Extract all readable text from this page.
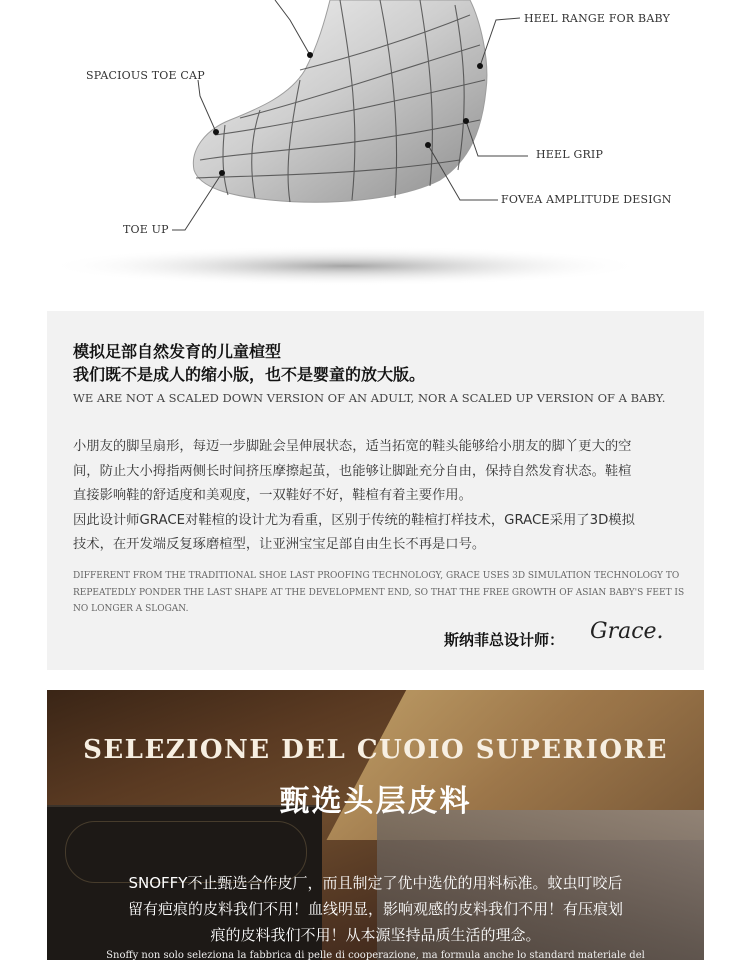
HEEL RANGE FOR BABY
SPACIOUS TOE CAP
HEEL GRIP
FOVEA AMPLITUDE DESIGN
TOE UP
模拟足部自然发育的儿童楦型
我们既不是成人的缩小版，也不是婴童的放大版。
WE ARE NOT A SCALED DOWN VERSION OF AN ADULT, NOR A SCALED UP VERSION OF A BABY.
小朋友的脚呈扇形，每迈一步脚趾会呈伸展状态，适当拓宽的鞋头能够给小朋友的脚丫更大的空
间，防止大小拇指两侧长时间挤压摩擦起茧，也能够让脚趾充分自由，保持自然发育状态。鞋楦
直接影响鞋的舒适度和美观度，一双鞋好不好，鞋楦有着主要作用。
因此设计师GRACE对鞋楦的设计尤为看重，区别于传统的鞋楦打样技术，GRACE采用了3D模拟
技术，在开发端反复琢磨楦型，让亚洲宝宝足部自由生长不再是口号。
DIFFERENT FROM THE TRADITIONAL SHOE LAST PROOFING TECHNOLOGY, GRACE USES 3D SIMULATION TECHNOLOGY TO
REPEATEDLY PONDER THE LAST SHAPE AT THE DEVELOPMENT END, SO THAT THE FREE GROWTH OF ASIAN BABY'S FEET IS
NO LONGER A SLOGAN.
斯纳菲总设计师： Grace.
SELEZIONE DEL CUOIO SUPERIORE
甄选头层皮料
SNOFFY不止甄选合作皮厂，而且制定了优中选优的用料标准。蚊虫叮咬后
留有疤痕的皮料我们不用！血线明显，影响观感的皮料我们不用！有压痕划
痕的皮料我们不用！从本源坚持品质生活的理念。
Snoffy non solo seleziona la fabbrica di pelle di cooperazione, ma formula anche lo standard materiale del
